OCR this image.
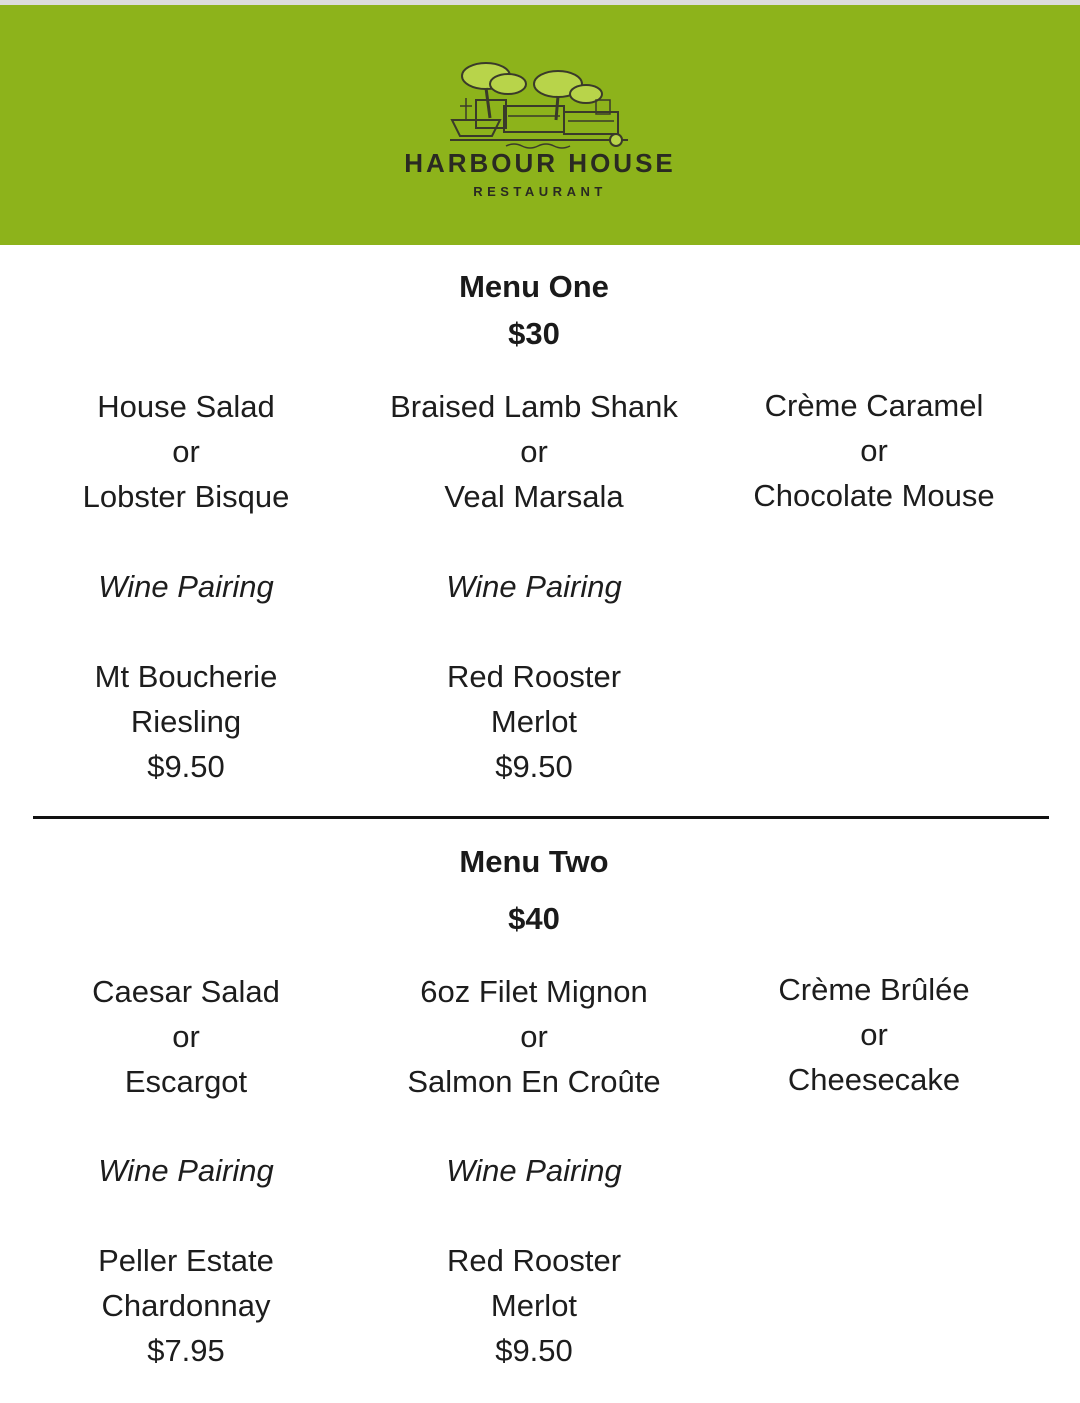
HARBOUR HOUSE
RESTAURANT
Menu One
$30
House Salad
or
Lobster Bisque
Wine Pairing
Mt Boucherie
Riesling
$9.50
Braised Lamb Shank
or
Veal Marsala
Wine Pairing
Red Rooster
Merlot
$9.50
Crème Caramel
or
Chocolate Mouse
Menu Two
$40
Caesar Salad
or
Escargot
Wine Pairing
Peller Estate
Chardonnay
$7.95
6oz Filet Mignon
or
Salmon En Croûte
Wine Pairing
Red Rooster
Merlot
$9.50
Crème Brûlée
or
Cheesecake
